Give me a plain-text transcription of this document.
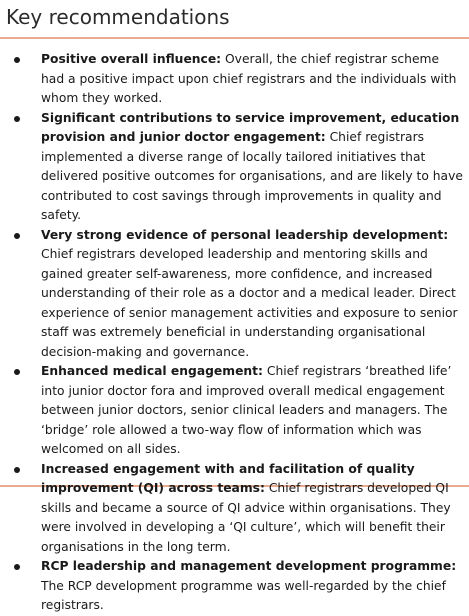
Key recommendations
Positive overall influence: Overall, the chief registrar scheme had a positive impact upon chief registrars and the individuals with whom they worked.
Significant contributions to service improvement, education provision and junior doctor engagement: Chief registrars implemented a diverse range of locally tailored initiatives that delivered positive outcomes for organisations, and are likely to have contributed to cost savings through improvements in quality and safety.
Very strong evidence of personal leadership development: Chief registrars developed leadership and mentoring skills and gained greater self-awareness, more confidence, and increased understanding of their role as a doctor and a medical leader. Direct experience of senior management activities and exposure to senior staff was extremely beneficial in understanding organisational decision-making and governance.
Enhanced medical engagement: Chief registrars ‘breathed life’ into junior doctor fora and improved overall medical engagement between junior doctors, senior clinical leaders and managers. The ‘bridge’ role allowed a two-way flow of information which was welcomed on all sides.
Increased engagement with and facilitation of quality improvement (QI) across teams: Chief registrars developed QI skills and became a source of QI advice within organisations. They were involved in developing a ‘QI culture’, which will benefit their organisations in the long term.
RCP leadership and management development programme: The RCP development programme was well-regarded by the chief registrars.
